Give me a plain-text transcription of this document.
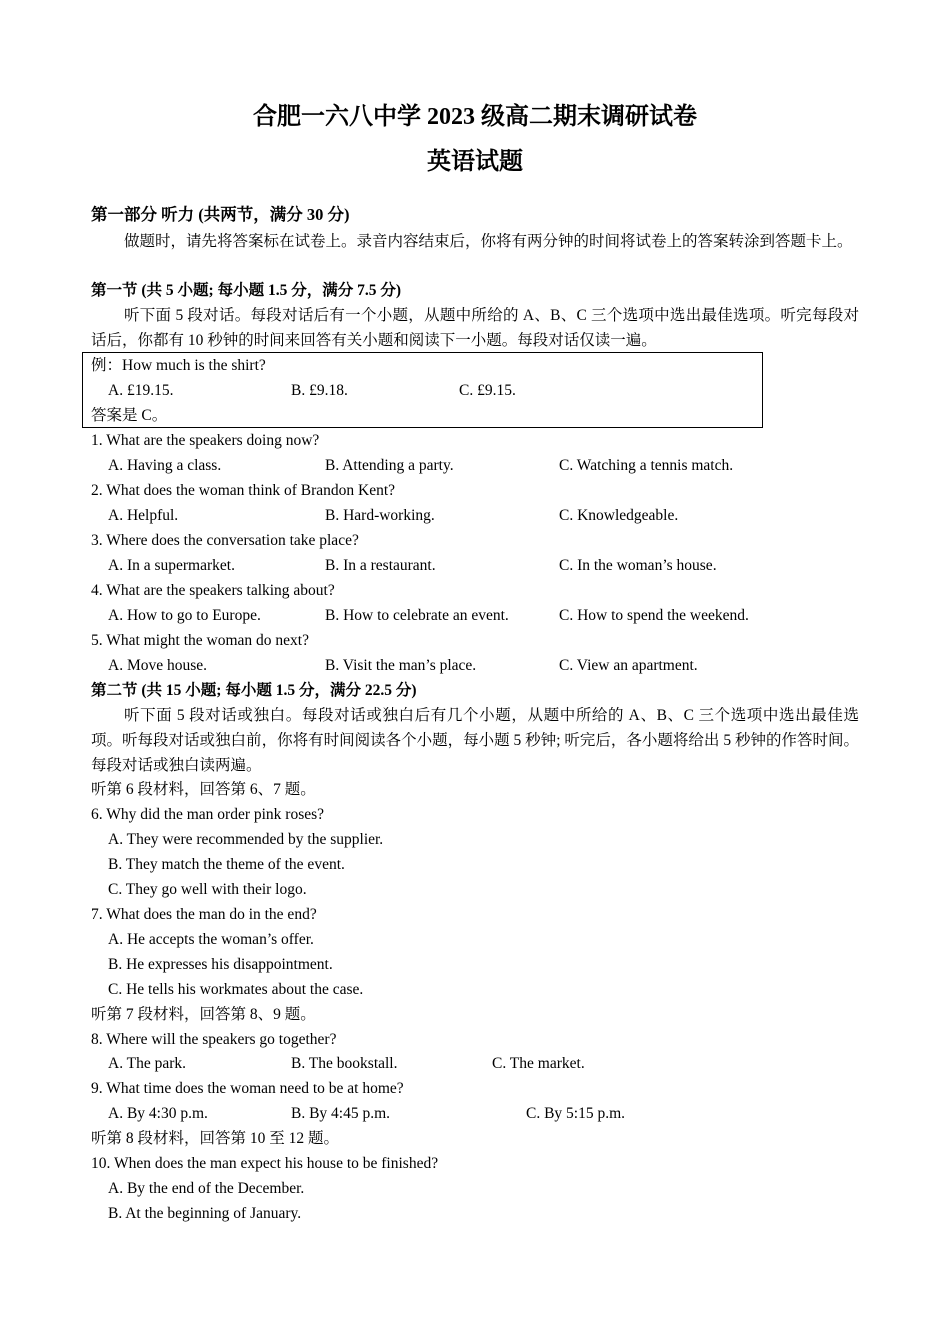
合肥一六八中学 2023 级高二期末调研试卷
英语试题
第一部分 听力 (共两节，满分 30 分)
做题时，请先将答案标在试卷上。录音内容结束后，你将有两分钟的时间将试卷上的答案转涂到答题卡上。
第一节 (共 5 小题; 每小题 1.5 分，满分 7.5 分)
听下面 5 段对话。每段对话后有一个小题，从题中所给的 A、B、C 三个选项中选出最佳选项。听完每段对话后，你都有 10 秒钟的时间来回答有关小题和阅读下一小题。每段对话仅读一遍。
例：How much is the shirt?
A. £19.15.	B. £9.18.	C. £9.15.
答案是 C。
1. What are the speakers doing now?
A. Having a class.	B. Attending a party.	C. Watching a tennis match.
2. What does the woman think of Brandon Kent?
A. Helpful.	B. Hard-working.	C. Knowledgeable.
3. Where does the conversation take place?
A. In a supermarket.	B. In a restaurant.	C. In the woman’s house.
4. What are the speakers talking about?
A. How to go to Europe.	B. How to celebrate an event.	C. How to spend the weekend.
5. What might the woman do next?
A. Move house.	B. Visit the man’s place.	C. View an apartment.
第二节 (共 15 小题; 每小题 1.5 分，满分 22.5 分)
听下面 5 段对话或独白。每段对话或独白后有几个小题，从题中所给的 A、B、C 三个选项中选出最佳选项。听每段对话或独白前，你将有时间阅读各个小题，每小题 5 秒钟; 听完后，各小题将给出 5 秒钟的作答时间。每段对话或独白读两遍。
听第 6 段材料，回答第 6、7 题。
6. Why did the man order pink roses?
A. They were recommended by the supplier.
B. They match the theme of the event.
C. They go well with their logo.
7. What does the man do in the end?
A. He accepts the woman’s offer.
B. He expresses his disappointment.
C. He tells his workmates about the case.
听第 7 段材料，回答第 8、9 题。
8. Where will the speakers go together?
A. The park.	B. The bookstall.	C. The market.
9. What time does the woman need to be at home?
A. By 4:30 p.m.	B. By 4:45 p.m.	C. By 5:15 p.m.
听第 8 段材料，回答第 10 至 12 题。
10. When does the man expect his house to be finished?
A. By the end of the December.
B. At the beginning of January.
